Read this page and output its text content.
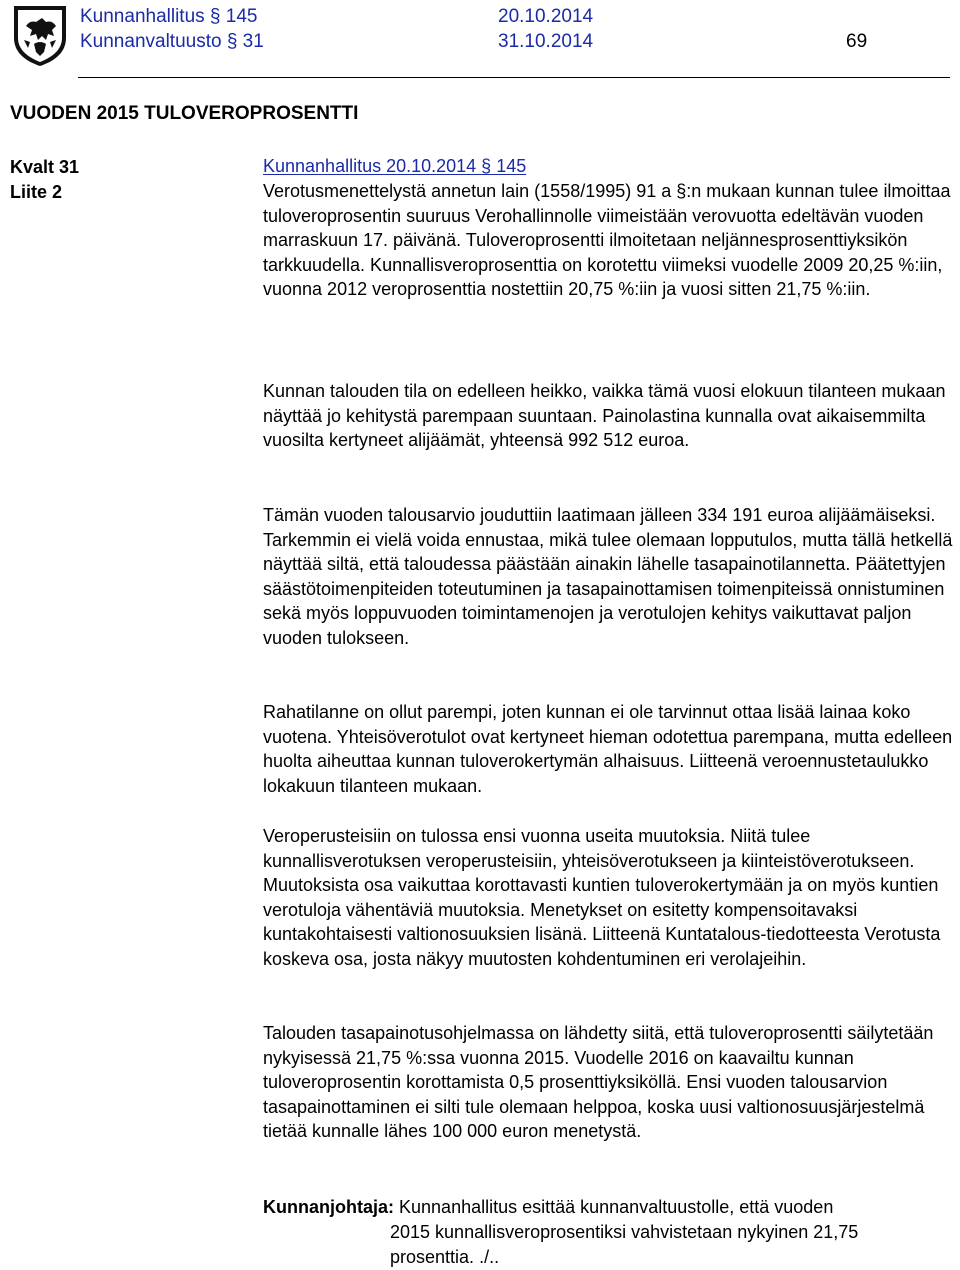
Kunnanhallitus § 145	20.10.2014
Kunnanvaltuusto § 31	31.10.2014	69
VUODEN 2015 TULOVEROPROSENTTI
Kvalt 31
Liite 2
Kunnanhallitus 20.10.2014 § 145

Verotusmenettelystä annetun lain (1558/1995) 91 a §:n mukaan kunnan tulee ilmoittaa tuloveroprosentin suuruus Verohallinnolle viimeistään verovuotta edeltävän vuoden marraskuun 17. päivänä. Tuloveroprosentti ilmoitetaan neljännesprosenttiyksikön tarkkuudella. Kunnallisveroprosenttia on korotettu viimeksi vuodelle 2009 20,25 %:iin, vuonna 2012 veroprosenttia nostettiin 20,75 %:iin ja vuosi sitten 21,75 %:iin.

Kunnan talouden tila on edelleen heikko, vaikka tämä vuosi elokuun tilanteen mukaan näyttää jo kehitystä parempaan suuntaan. Painolastina kunnalla ovat aikaisemmilta vuosilta kertyneet alijäämät, yhteensä 992 512 euroa.

Tämän vuoden talousarvio jouduttiin laatimaan jälleen 334 191 euroa alijäämäiseksi. Tarkemmin ei vielä voida ennustaa, mikä tulee olemaan lopputulos, mutta tällä hetkellä näyttää siltä, että taloudessa päästään ainakin lähelle tasapainotilannetta. Päätettyjen säästötoimenpiteiden toteutuminen ja tasapainottamisen toimenpiteissä onnistuminen sekä myös loppuvuoden toimintamenojen ja verotulojen kehitys vaikuttavat paljon vuoden tulokseen.

Rahatilanne on ollut parempi, joten kunnan ei ole tarvinnut ottaa lisää lainaa koko vuotena. Yhteisöverotulot ovat kertyneet hieman odotettua parempana, mutta edelleen huolta aiheuttaa kunnan tuloverokertymän alhaisuus. Liitteenä veroennustetaulukko lokakuun tilanteen mukaan.

Veroperusteisiin on tulossa ensi vuonna useita muutoksia. Niitä tulee kunnallisverotuksen veroperusteisiin, yhteisöverotukseen ja kiinteistöverotukseen. Muutoksista osa vaikuttaa korottavasti kuntien tuloverokertymään ja on myös kuntien verotuloja vähentäviä muutoksia. Menetykset on esitetty kompensoitavaksi kuntakohtaisesti valtionosuuksien lisänä. Liitteenä Kuntatalous-tiedotteesta Verotusta koskeva osa, josta näkyy muutosten kohdentuminen eri verolajeihin.

Talouden tasapainotusohjelmassa on lähdetty siitä, että tuloveroprosentti säilytetään nykyisessä 21,75 %:ssa vuonna 2015. Vuodelle 2016 on kaavailtu kunnan tuloveroprosentin korottamista 0,5 prosenttiyksiköllä. Ensi vuoden talousarvion tasapainottaminen ei silti tule olemaan helppoa, koska uusi valtionosuusjärjestelmä tietää kunnalle lähes 100 000 euron menetystä.

Kunnanjohtaja: Kunnanhallitus esittää kunnanvaltuustolle, että vuoden
2015 kunnallisveroprosentiksi vahvistetaan nykyinen 21,75
prosenttia. ./..
